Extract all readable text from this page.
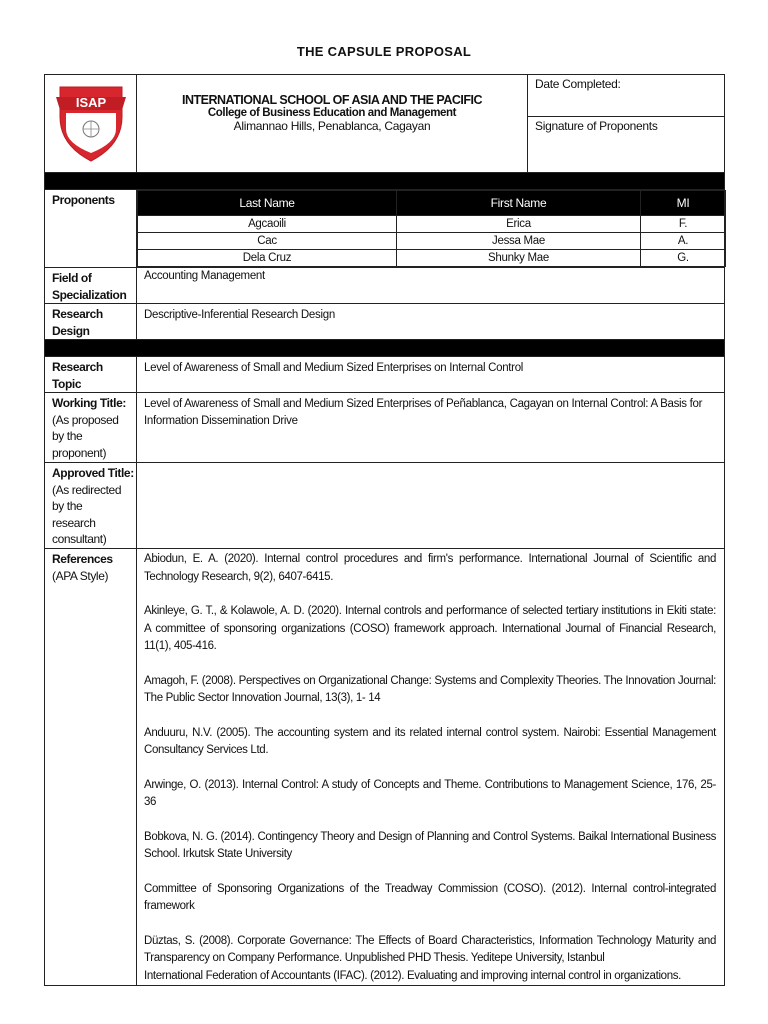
THE CAPSULE PROPOSAL
ISAP	INTERNATIONAL SCHOOL OF ASIA AND THE PACIFIC
College of Business Education and Management
Alimannao Hills, Penablanca, Cagayan
	Date Completed:
Signature of Proponents

Proponents		Last Name	First Name	MI
Agcaoili	Erica	F.
Cac	Jessa Mae	A.
Dela Cruz	Shunky Mae	G.

Field of
Specialization	Accounting Management
Research
Design	Descriptive-Inferential Research Design

Research
Topic	Level of Awareness of Small and Medium Sized Enterprises on Internal Control
Working Title:
(As proposed
by the
proponent)	Level of Awareness of Small and Medium Sized Enterprises of Peñablanca, Cagayan on Internal Control: A Basis for Information Dissemination Drive
Approved Title:
(As redirected
by the
research
consultant)	
References
(APA Style)	

Abiodun, E. A. (2020). Internal control procedures and firm's performance. International Journal of Scientific and Technology Research, 9(2), 6407-6415.

Akinleye, G. T., & Kolawole, A. D. (2020). Internal controls and performance of selected tertiary institutions in Ekiti state: A committee of sponsoring organizations (COSO) framework approach. International Journal of Financial Research, 11(1), 405-416.

Amagoh, F. (2008). Perspectives on Organizational Change: Systems and Complexity Theories. The Innovation Journal: The Public Sector Innovation Journal, 13(3), 1- 14

Anduuru, N.V. (2005). The accounting system and its related internal control system. Nairobi: Essential Management Consultancy Services Ltd.

Arwinge, O. (2013). Internal Control: A study of Concepts and Theme. Contributions to Management Science, 176, 25-36

Bobkova, N. G. (2014). Contingency Theory and Design of Planning and Control Systems. Baikal International Business School. Irkutsk State University

Committee of Sponsoring Organizations of the Treadway Commission (COSO). (2012). Internal control-integrated framework

Düztas, S. (2008). Corporate Governance: The Effects of Board Characteristics, Information Technology Maturity and Transparency on Company Performance. Unpublished PHD Thesis. Yeditepe University, Istanbul

International Federation of Accountants (IFAC). (2012). Evaluating and improving internal control in organizations.
